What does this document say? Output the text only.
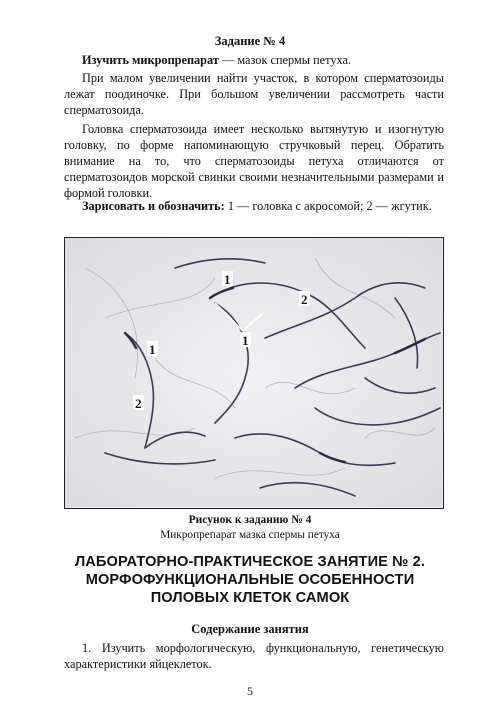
Задание № 4

Изучить микропрепарат — мазок спермы петуха.

При малом увеличении найти участок, в котором сперматозоиды лежат поодиночке. При большом увеличении рассмотреть части сперматозоида.

Головка сперматозоида имеет несколько вытянутую и изогнутую головку, по форме напоминающую стручковый перец. Обратить внимание на то, что сперматозоиды петуха отличаются от сперматозоидов морской свинки своими незначительными размерами и формой головки.

Зарисовать и обозначить: 1 — головка с акросомой; 2 — жгутик.

1
2
1
1
2
Рисунок к заданию № 4
Микропрепарат мазка спермы петуха
ЛАБОРАТОРНО-ПРАКТИЧЕСКОЕ ЗАНЯТИЕ № 2.
МОРФОФУНКЦИОНАЛЬНЫЕ ОСОБЕННОСТИ
ПОЛОВЫХ КЛЕТОК САМОК
Содержание занятия

1. Изучить морфологическую, функциональную, генетическую характеристики яйцеклеток.

5
